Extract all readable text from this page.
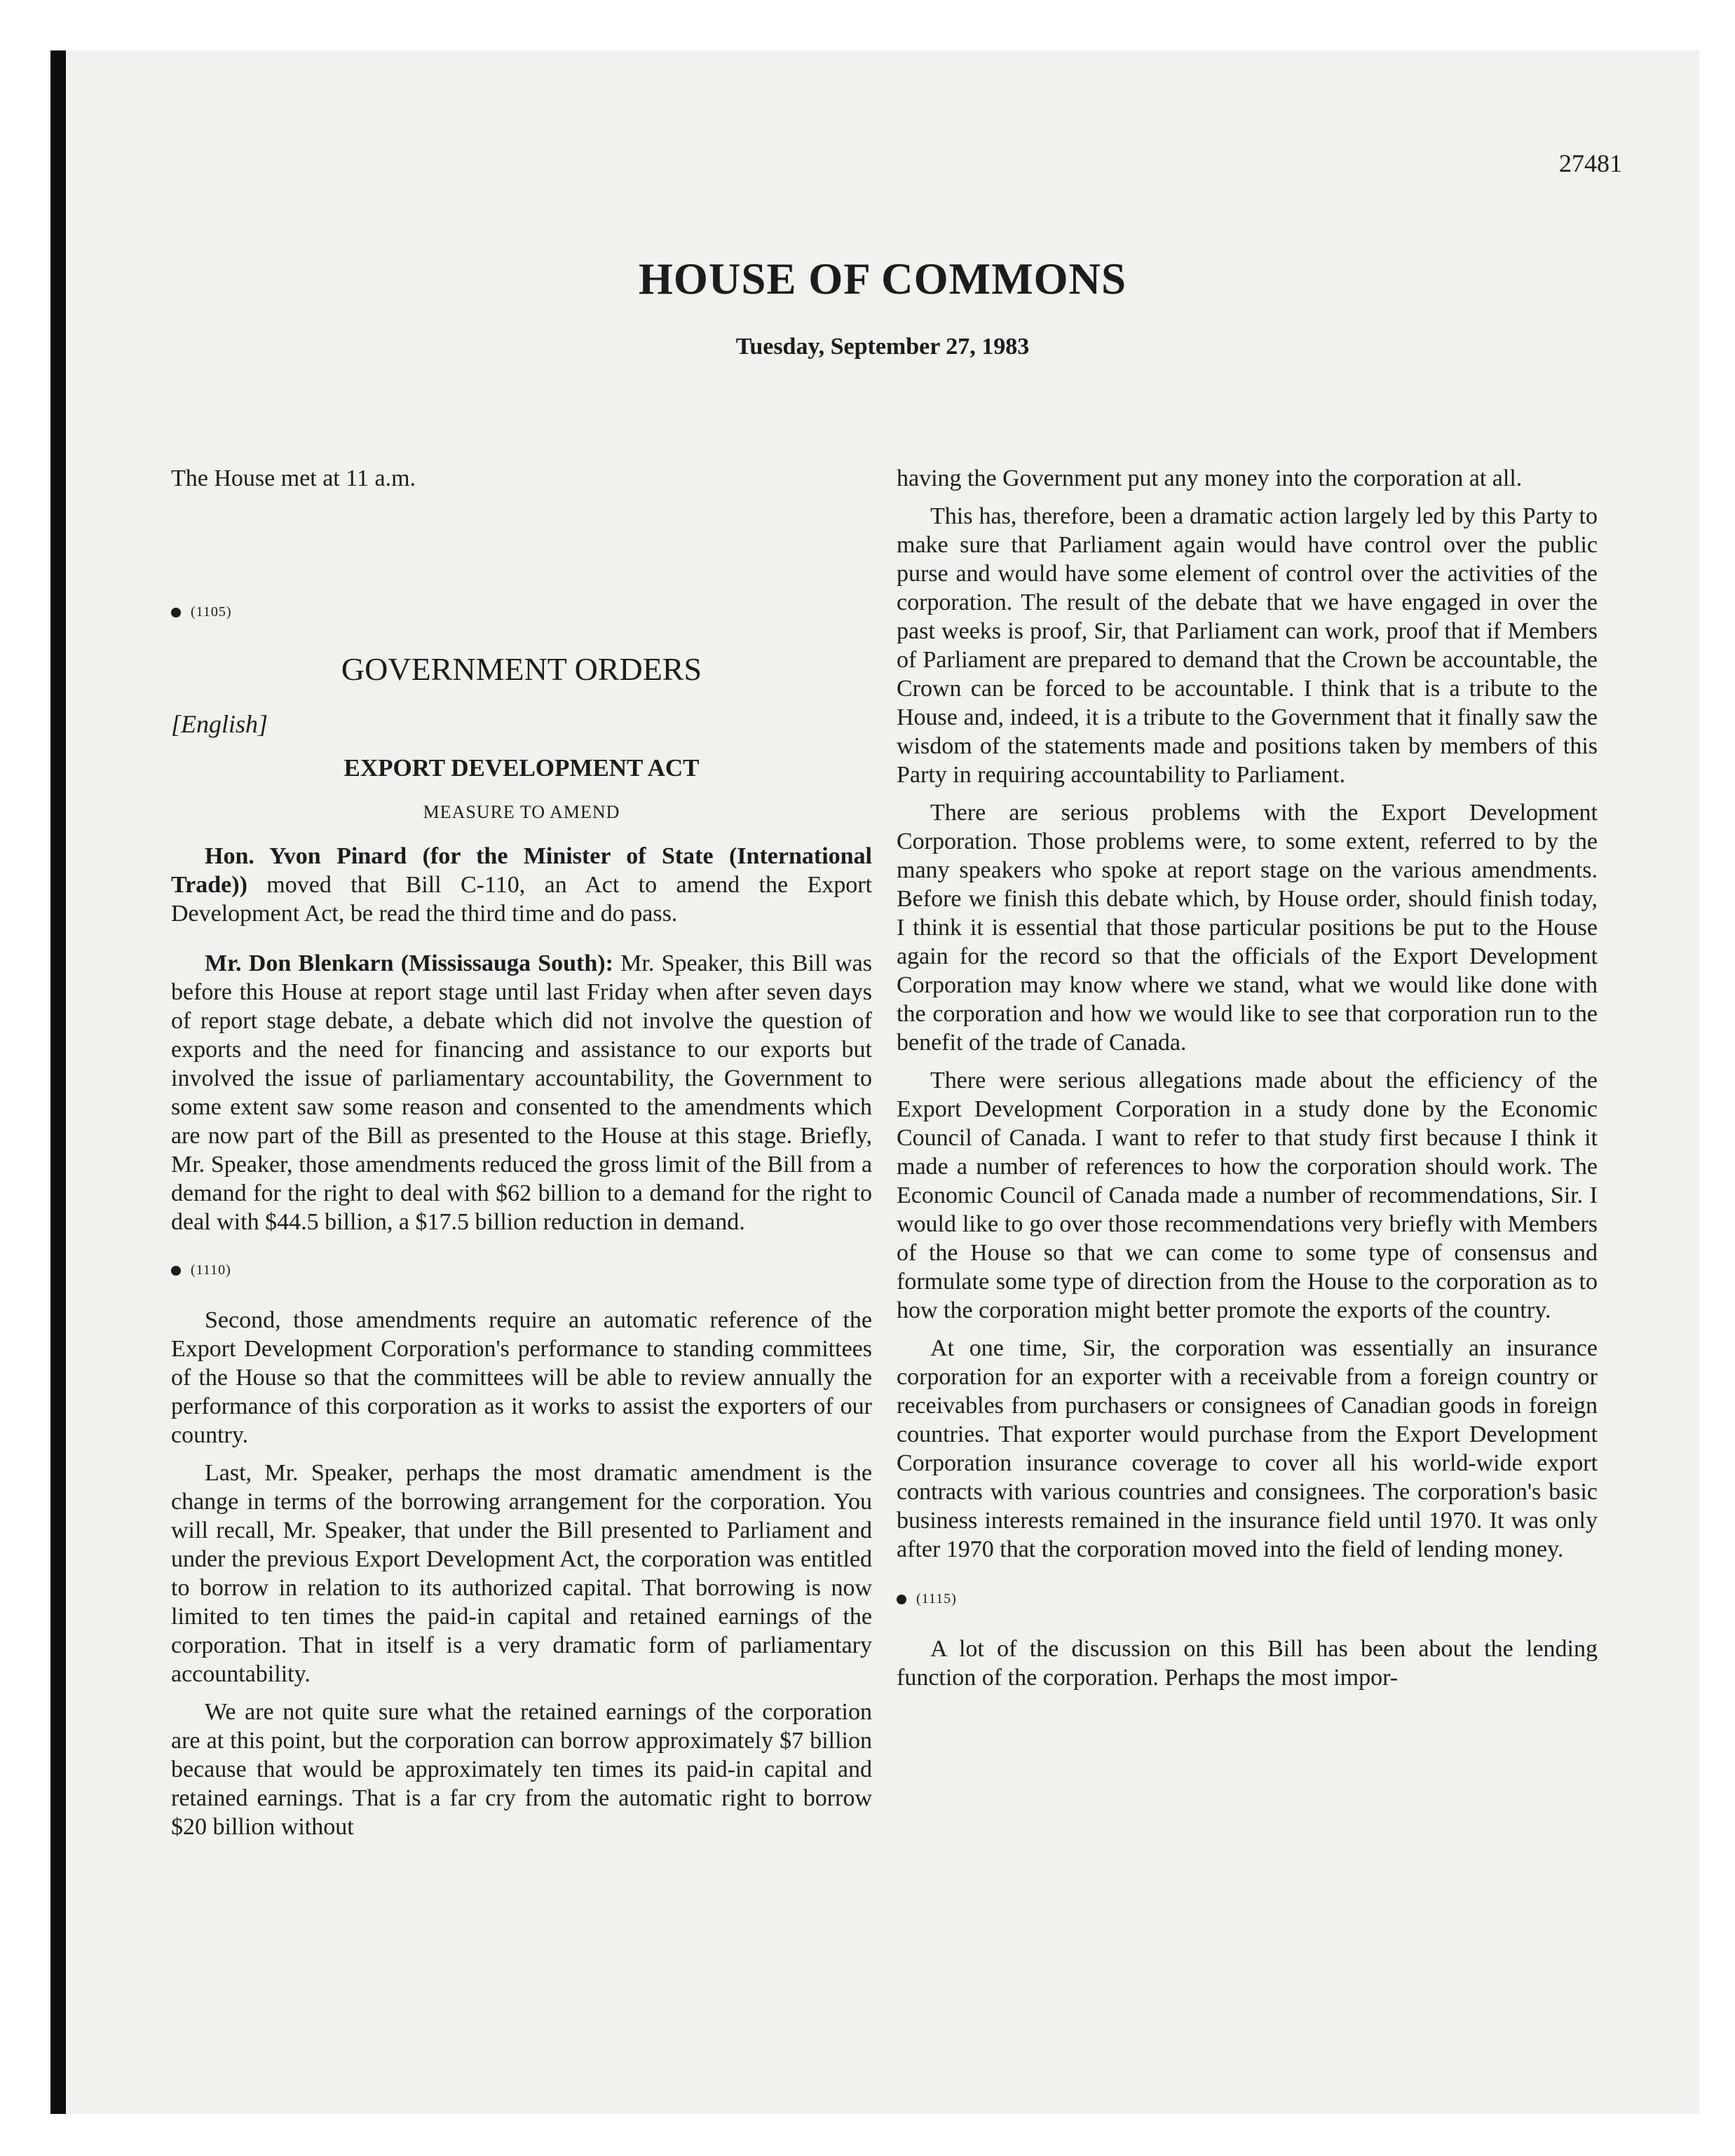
27481
HOUSE OF COMMONS
Tuesday, September 27, 1983

The House met at 11 a.m.

(1105)

GOVERNMENT ORDERS

[English]

EXPORT DEVELOPMENT ACT

MEASURE TO AMEND

Hon. Yvon Pinard (for the Minister of State (International Trade)) moved that Bill C-110, an Act to amend the Export Development Act, be read the third time and do pass.

Mr. Don Blenkarn (Mississauga South): Mr. Speaker, this Bill was before this House at report stage until last Friday when after seven days of report stage debate, a debate which did not involve the question of exports and the need for financing and assistance to our exports but involved the issue of parliamentary accountability, the Government to some extent saw some reason and consented to the amendments which are now part of the Bill as presented to the House at this stage. Briefly, Mr. Speaker, those amendments reduced the gross limit of the Bill from a demand for the right to deal with $62 billion to a demand for the right to deal with $44.5 billion, a $17.5 billion reduction in demand.

(1110)

Second, those amendments require an automatic reference of the Export Development Corporation's performance to standing committees of the House so that the committees will be able to review annually the performance of this corporation as it works to assist the exporters of our country.

Last, Mr. Speaker, perhaps the most dramatic amendment is the change in terms of the borrowing arrangement for the corporation. You will recall, Mr. Speaker, that under the Bill presented to Parliament and under the previous Export Development Act, the corporation was entitled to borrow in relation to its authorized capital. That borrowing is now limited to ten times the paid-in capital and retained earnings of the corporation. That in itself is a very dramatic form of parliamentary accountability.

We are not quite sure what the retained earnings of the corporation are at this point, but the corporation can borrow approximately $7 billion because that would be approximately ten times its paid-in capital and retained earnings. That is a far cry from the automatic right to borrow $20 billion without

having the Government put any money into the corporation at all.

This has, therefore, been a dramatic action largely led by this Party to make sure that Parliament again would have control over the public purse and would have some element of control over the activities of the corporation. The result of the debate that we have engaged in over the past weeks is proof, Sir, that Parliament can work, proof that if Members of Parliament are prepared to demand that the Crown be accountable, the Crown can be forced to be accountable. I think that is a tribute to the House and, indeed, it is a tribute to the Government that it finally saw the wisdom of the statements made and positions taken by members of this Party in requiring accountability to Parliament.

There are serious problems with the Export Development Corporation. Those problems were, to some extent, referred to by the many speakers who spoke at report stage on the various amendments. Before we finish this debate which, by House order, should finish today, I think it is essential that those particular positions be put to the House again for the record so that the officials of the Export Development Corporation may know where we stand, what we would like done with the corporation and how we would like to see that corporation run to the benefit of the trade of Canada.

There were serious allegations made about the efficiency of the Export Development Corporation in a study done by the Economic Council of Canada. I want to refer to that study first because I think it made a number of references to how the corporation should work. The Economic Council of Canada made a number of recommendations, Sir. I would like to go over those recommendations very briefly with Members of the House so that we can come to some type of consensus and formulate some type of direction from the House to the corporation as to how the corporation might better promote the exports of the country.

At one time, Sir, the corporation was essentially an insurance corporation for an exporter with a receivable from a foreign country or receivables from purchasers or consignees of Canadian goods in foreign countries. That exporter would purchase from the Export Development Corporation insurance coverage to cover all his world-wide export contracts with various countries and consignees. The corporation's basic business interests remained in the insurance field until 1970. It was only after 1970 that the corporation moved into the field of lending money.

(1115)

A lot of the discussion on this Bill has been about the lending function of the corporation. Perhaps the most impor-
